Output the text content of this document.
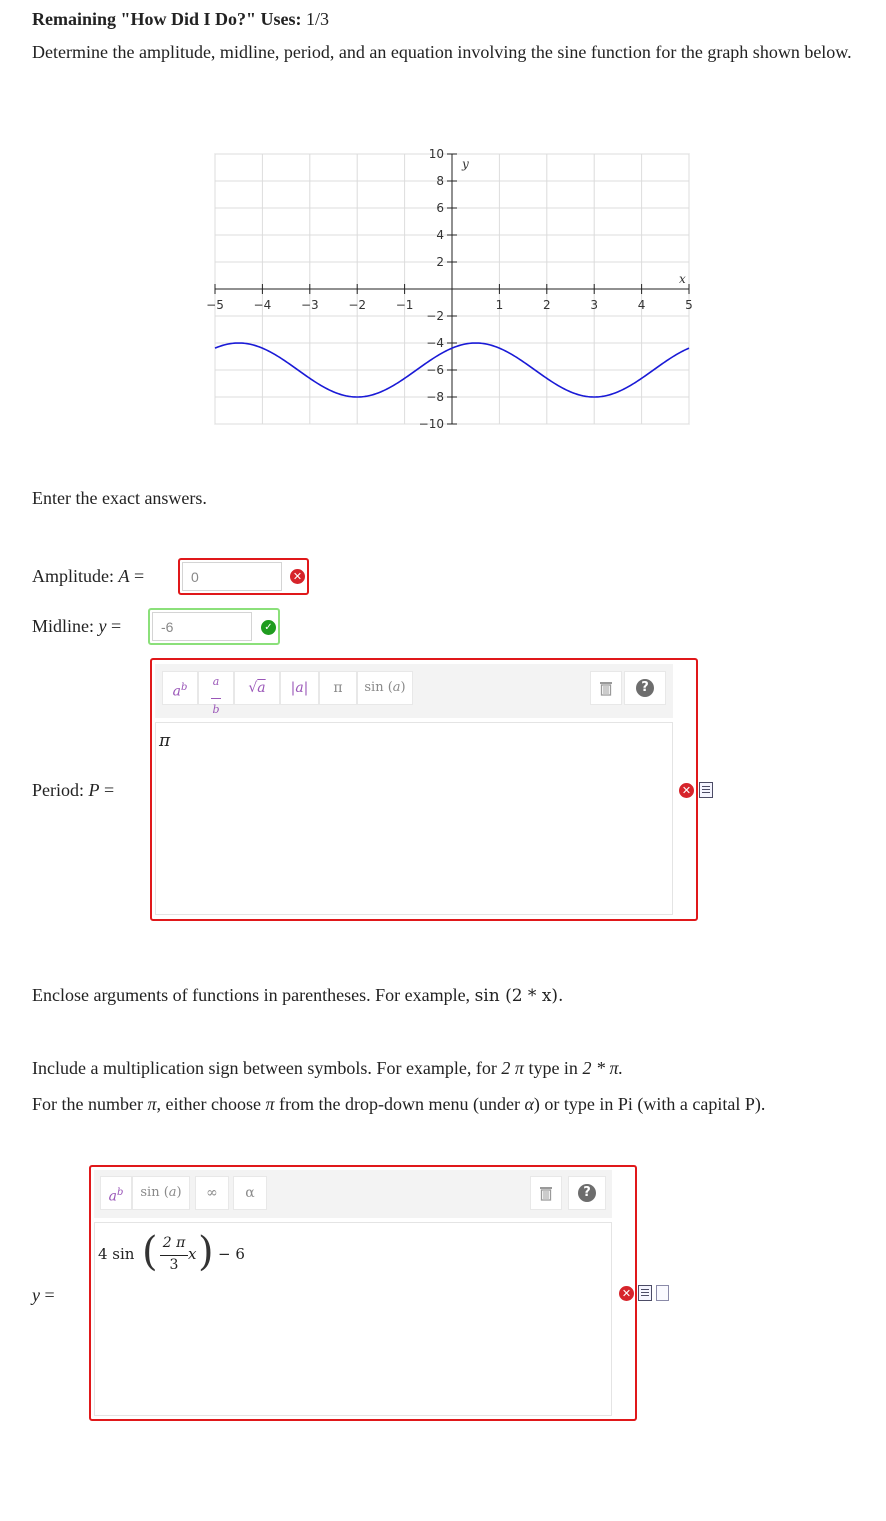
Remaining "How Did I Do?" Uses: 1/3
Determine the amplitude, midline, period, and an equation involving the sine function for the graph shown below.
−5 −4 −3 −2 −1	1	2	3	4	5
10
8
6
4
2
−2
−4
−6
−8
−10
x
y
Enter the exact answers.
Amplitude: A =
0	✕
Midline: y =
-6	✓
Period: P =
$a^b$	a

b
√a	|a|	π	sin (a)	?
π
✕
Enclose arguments of functions in parentheses. For example, sin (2 * x).
Include a multiplication sign between symbols. For example, for 2 π type in 2 * π.
For the number π, either choose π from the drop-down menu (under α) or type in Pi (with a capital P).
y =
$a^b$	sin (a)	∞	α	?
4 sin ( 2 π
3
x ) − 6
✕
